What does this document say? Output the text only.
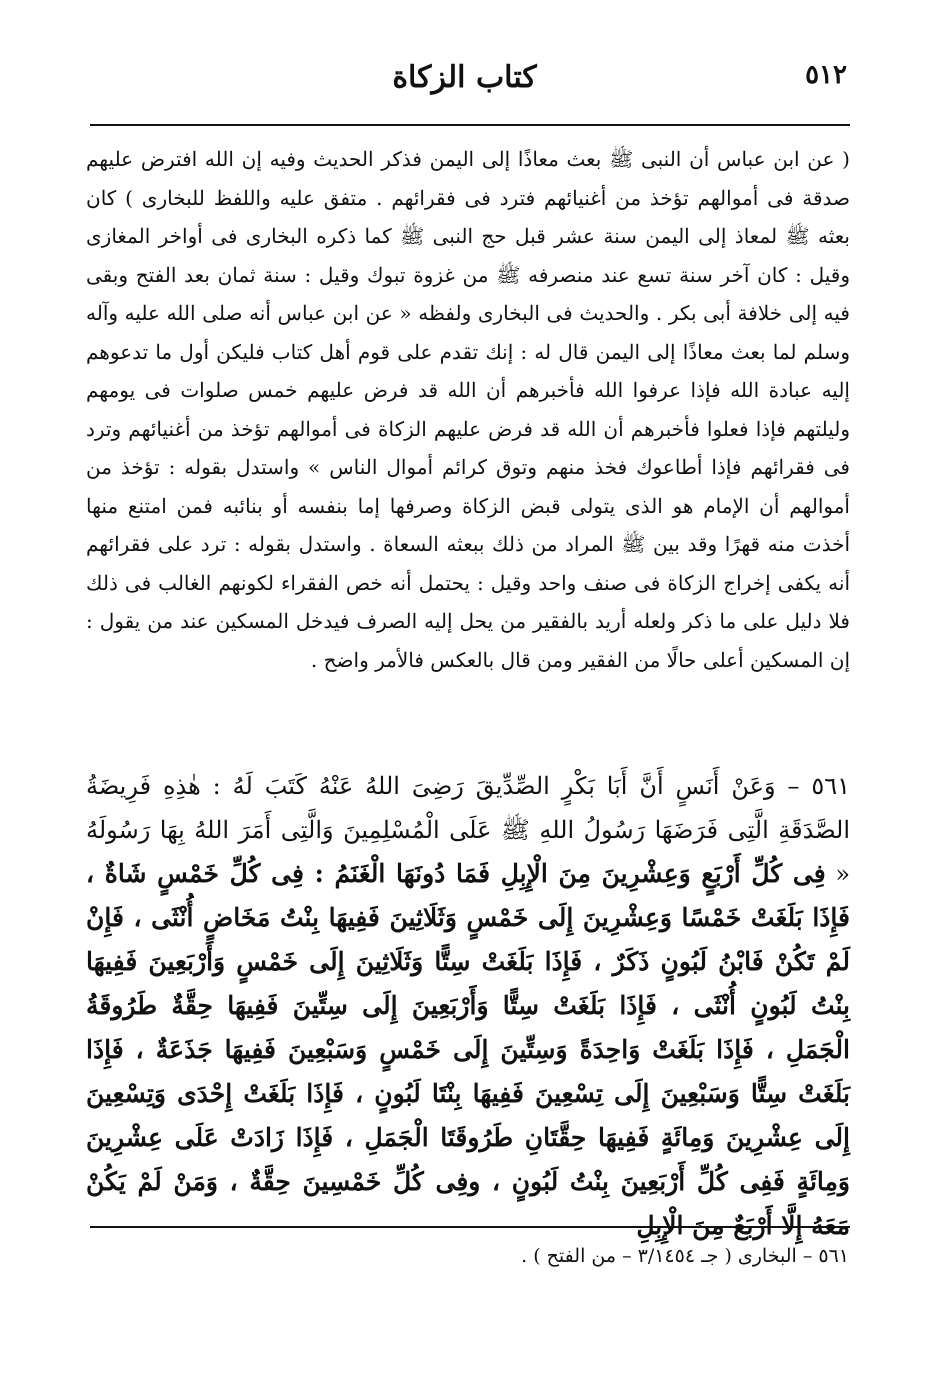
٥١٢
كتاب الزكاة
( عن ابن عباس أن النبى ﷺ بعث معاذًا إلى اليمن فذكر الحديث وفيه إن الله افترض عليهم صدقة فى أموالهم تؤخذ من أغنيائهم فترد فى فقرائهم . متفق عليه واللفظ للبخارى ) كان بعثه ﷺ لمعاذ إلى اليمن سنة عشر قبل حج النبى ﷺ كما ذكره البخارى فى أواخر المغازى وقيل : كان آخر سنة تسع عند منصرفه ﷺ من غزوة تبوك وقيل : سنة ثمان بعد الفتح وبقى فيه إلى خلافة أبى بكر . والحديث فى البخارى ولفظه « عن ابن عباس أنه صلى الله عليه وآله وسلم لما بعث معاذًا إلى اليمن قال له : إنك تقدم على قوم أهل كتاب فليكن أول ما تدعوهم إليه عبادة الله فإذا عرفوا الله فأخبرهم أن الله قد فرض عليهم خمس صلوات فى يومهم وليلتهم فإذا فعلوا فأخبرهم أن الله قد فرض عليهم الزكاة فى أموالهم تؤخذ من أغنيائهم وترد فى فقرائهم فإذا أطاعوك فخذ منهم وتوق كرائم أموال الناس » واستدل بقوله : تؤخذ من أموالهم أن الإمام هو الذى يتولى قبض الزكاة وصرفها إما بنفسه أو بنائبه فمن امتنع منها أخذت منه قهرًا وقد بين ﷺ المراد من ذلك ببعثه السعاة . واستدل بقوله : ترد على فقرائهم أنه يكفى إخراج الزكاة فى صنف واحد وقيل : يحتمل أنه خص الفقراء لكونهم الغالب فى ذلك فلا دليل على ما ذكر ولعله أريد بالفقير من يحل إليه الصرف فيدخل المسكين عند من يقول : إن المسكين أعلى حالًا من الفقير ومن قال بالعكس فالأمر واضح .
٥٦١ – وَعَنْ أَنَسٍ أَنَّ أَبَا بَكْرٍ الصِّدِّيقَ رَضِىَ اللهُ عَنْهُ كَتَبَ لَهُ : هٰذِهِ فَرِيضَةُ الصَّدَقَةِ الَّتِى فَرَضَهَا رَسُولُ اللهِ ﷺ عَلَى الْمُسْلِمِينَ وَالَّتِى أَمَرَ اللهُ بِهَا رَسُولَهُ « فِى كُلِّ أَرْبَعٍ وَعِشْرِينَ مِنَ الْإِبِلِ فَمَا دُونَهَا الْغَنَمُ : فِى كُلِّ خَمْسٍ شَاةٌ ، فَإِذَا بَلَغَتْ خَمْسًا وَعِشْرِينَ إِلَى خَمْسٍ وَثَلَاثِينَ فَفِيهَا بِنْتُ مَخَاضٍ أُنْثَى ، فَإِنْ لَمْ تَكُنْ فَابْنُ لَبُونٍ ذَكَرٌ ، فَإِذَا بَلَغَتْ سِتًّا وَثَلَاثِينَ إِلَى خَمْسٍ وَأَرْبَعِينَ فَفِيهَا بِنْتُ لَبُونٍ أُنْثَى ، فَإِذَا بَلَغَتْ سِتًّا وَأَرْبَعِينَ إِلَى سِتِّينَ فَفِيهَا حِقَّةٌ طَرُوقَةُ الْجَمَلِ ، فَإِذَا بَلَغَتْ وَاحِدَةً وَسِتِّينَ إِلَى خَمْسٍ وَسَبْعِينَ فَفِيهَا جَذَعَةٌ ، فَإِذَا بَلَغَتْ سِتًّا وَسَبْعِينَ إِلَى تِسْعِينَ فَفِيهَا بِنْتَا لَبُونٍ ، فَإِذَا بَلَغَتْ إِحْدَى وَتِسْعِينَ إِلَى عِشْرِينَ وَمِائَةٍ فَفِيهَا حِقَّتَانِ طَرُوقَتَا الْجَمَلِ ، فَإِذَا زَادَتْ عَلَى عِشْرِينَ وَمِائَةٍ فَفِى كُلِّ أَرْبَعِينَ بِنْتُ لَبُونٍ ، وفِى كُلِّ خَمْسِينَ حِقَّةٌ ، وَمَنْ لَمْ يَكُنْ مَعَهُ إِلَّا أَرْبَعٌ مِنَ الْإِبِلِ
٥٦١ – البخارى ( جـ ٣/١٤٥٤ – من الفتح ) .
